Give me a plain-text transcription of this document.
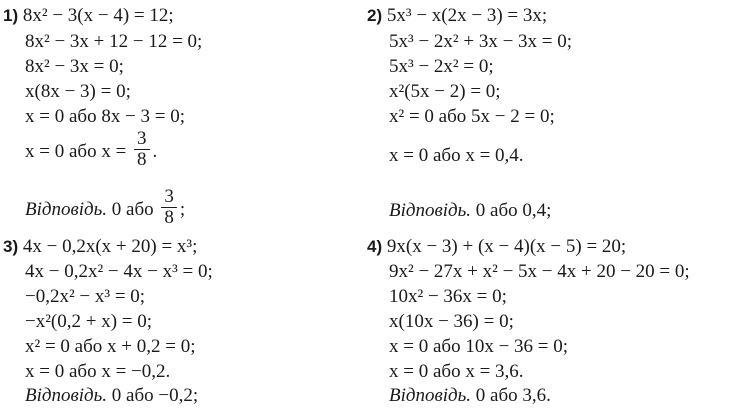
1) 8x² − 3(x − 4) = 12;
8x² − 3x + 12 − 12 = 0;
8x² − 3x = 0;
x(8x − 3) = 0;
x = 0 або 8x − 3 = 0;
x = 0 або $x = \frac{3}{8}$ .
Відповідь. 0 або $\frac{3}{8}$ ;
2) 5x³ − x(2x − 3) = 3x;
5x³ − 2x² + 3x − 3x = 0;
5x³ − 2x² = 0;
x²(5x − 2) = 0;
x² = 0 або 5x − 2 = 0;
x = 0 або x = 0,4.
Відповідь. 0 або 0,4;
3) 4x − 0,2x(x + 20) = x³;
4x − 0,2x² − 4x − x³ = 0;
−0,2x² − x³ = 0;
−x²(0,2 + x) = 0;
x² = 0 або x + 0,2 = 0;
x = 0 або x = −0,2.
Відповідь. 0 або −0,2;
4) 9x(x − 3) + (x − 4)(x − 5) = 20;
9x² − 27x + x² − 5x − 4x + 20 − 20 = 0;
10x² − 36x = 0;
x(10x − 36) = 0;
x = 0 або 10x − 36 = 0;
x = 0 або x = 3,6.
Відповідь. 0 або 3,6.
